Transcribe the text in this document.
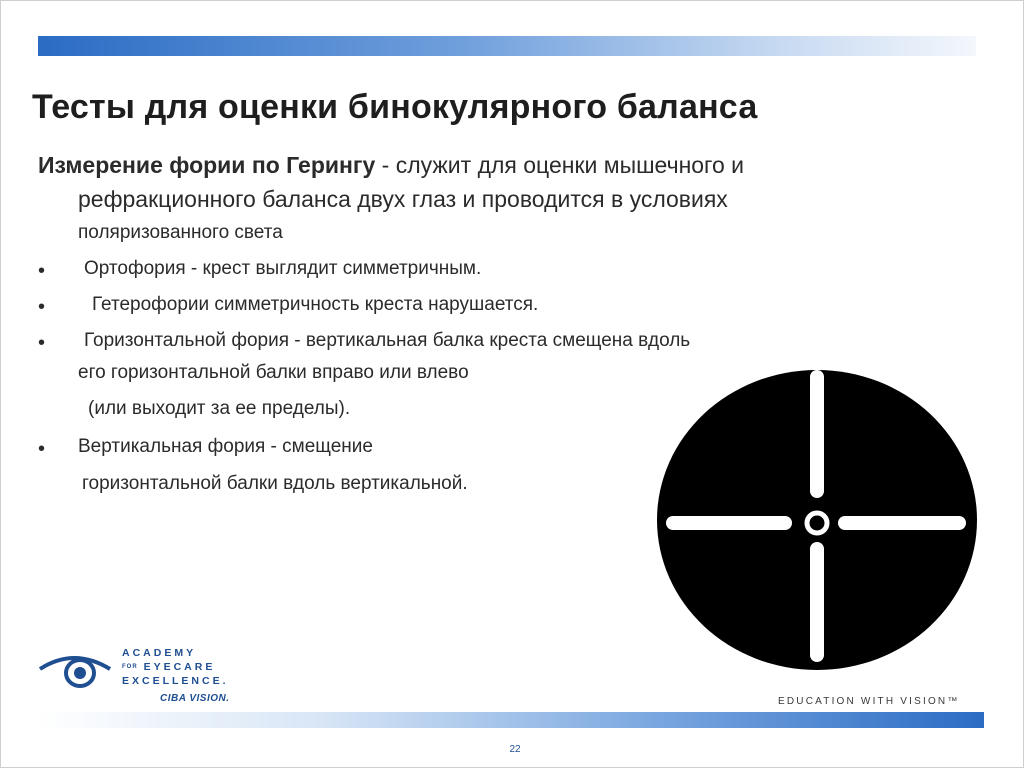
Тесты для оценки бинокулярного баланса
Измерение фории по Герингу - служит для оценки мышечного и
рефракционного баланса двух глаз и проводится в условиях
поляризованного света
• Ортофория - крест выглядит симметричным.
• Гетерофории симметричность креста нарушается.
• Горизонтальной фория - вертикальная балка креста смещена вдоль
его горизонтальной балки вправо или влево
(или выходит за ее пределы).
• Вертикальная фория - смещение
горизонтальной балки вдоль вертикальной.
ACADEMY
FOR EYECARE
EXCELLENCE.
CIBA VISION.	EDUCATION WITH VISION™
22
